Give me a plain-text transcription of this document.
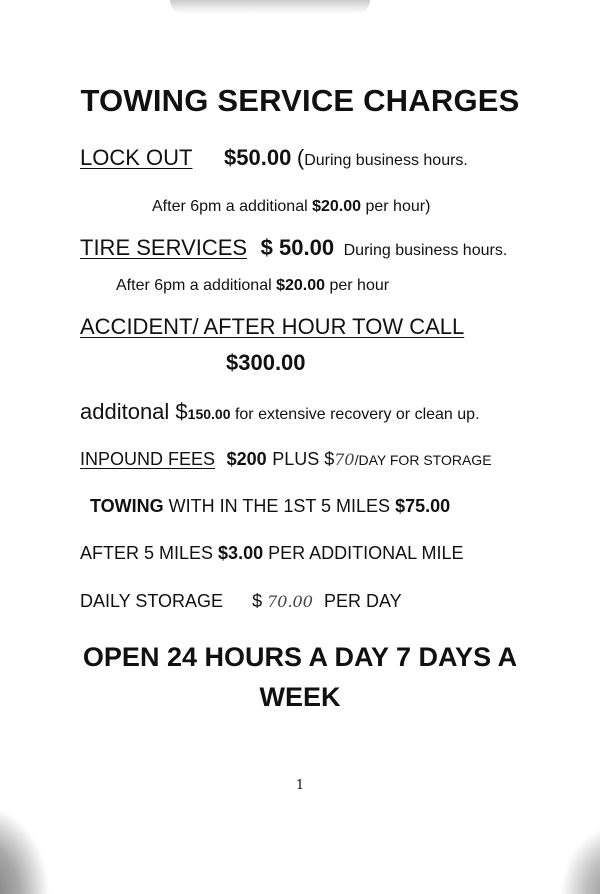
TOWING SERVICE CHARGES
LOCK OUT $50.00 (During business hours.
After 6pm a additional $20.00 per hour)
TIRE SERVICES $ 50.00 During business hours.
After 6pm a additional $20.00 per hour
ACCIDENT/ AFTER HOUR TOW CALL
$300.00
additonal $150.00 for extensive recovery or clean up.
INPOUND FEES $200 PLUS $70/DAY FOR STORAGE
TOWING WITH IN THE 1ST 5 MILES $75.00
AFTER 5 MILES $3.00 PER ADDITIONAL MILE
DAILY STORAGE $ 70.00 PER DAY
OPEN 24 HOURS A DAY 7 DAYS A
WEEK
1
